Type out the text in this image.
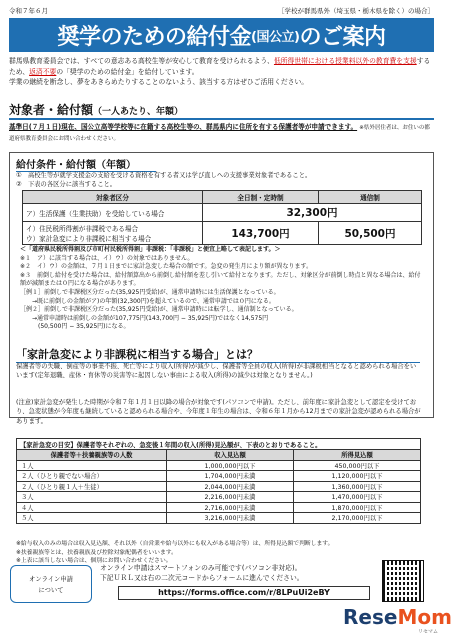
令和７年６月	［学校が群馬県外（埼玉県・栃木県を除く）の場合］
奨学のための給付金 (国公立) のご案内
群馬県教育委員会では、すべての意志ある高校生等が安心して教育を受けられるよう、低所得世帯における授業料以外の教育費を支援するため、返済不要の「奨学のための給付金」を給付しています。
学業の継続を断念し、夢をあきらめたりすることのないよう、該当する方はぜひご活用ください。
対象者・給付額（一人あたり、年額）
基準日(７月１日)現在、国公立高等学校等に在籍する高校生等の、群馬県内に住所を有する保護者等が申請できます。 ※県外居住者は、お住いの都道府県教育委員会にお問い合わせください。
給付条件・給付額（年額）
①　高校生等が就学支援金の支給を受ける資格を有する者又は学び直しへの支援事業対象者であること。
②　下表の各区分に該当すること。
対象者区分	全日制・定時制	通信制
ア）生活保護（生業扶助）を受給している場合	32,300円	

イ）住民税所得割が非課税である場合
ウ）家計急変により非課税に相当する場合	143,700円	50,500円
＜「道府県民税所得割及び市町村民税所得割」非課税：「非課税」と便宜上略して表記します。＞
※１　ア）に該当する場合は、イ）ウ）の対象ではありません。
※２　イ）ウ）の金額は、７月１日までに家計急変した場合の額です。急変の発生月により額が異なります。
※３　前倒し給付を受けた場合は、給付額算出から前倒し給付額を差し引いて給付となります。ただし、対象区分が前倒し時点と異なる場合は、給付額が減額または０円になる場合があります。
［例１］前倒しで非課税区分だった(35,925円受給)が、通常申請時には生活保護となっている。
　　→既に前倒しの金額がア)の年額(32,300円)を超えているので、通常申請では０円になる。
［例２］前倒しで非課税区分だった(35,925円受給)が、通常申請時には転学し、通信制となっている。
　　→通常申請時は前倒しの金額が107,775円(143,700円 − 35,925円)ではなく14,575円
　　　(50,500円 − 35,925円)になる。
「家計急変により非課税に相当する場合」とは？
保護者等の失職、倒産等の事業不振、死亡等により収入(所得)が減少し、保護者等全員の収入(所得)が非課税相当となると認められる場合をいいます(定年退職、産休・育休等の災害等に起因しない事由による収入(所得)の減少は対象となりません。)
(注意)家計急変が発生した時期が令和７年１月１日以降の場合が対象です(パソコンで申請)。ただし、前年度に家計急変として認定を受けており、急変状態が今年度も継続していると認められる場合や、今年度１年生の場合は、令和６年１月から12月までの家計急変が認められる場合があります。
【家計急変の目安】保護者等それぞれの、急変後１年間の収入(所得)見込額が、下表のとおりであること。
保護者等＋扶養親族等の人数	収入見込額	所得見込額
１人	1,000,000円以下	450,000円以下
２人（ひとり親でない場合）	1,704,000円未満	1,120,000円以下
２人（ひとり親１人＋生徒）	2,044,000円未満	1,360,000円以下
３人	2,216,000円未満	1,470,000円以下
４人	2,716,000円未満	1,870,000円以下
５人	3,216,000円未満	2,170,000円以下
※給与収入のみの場合は収入見込額、それ以外（自営業や給与以外にも収入がある場合等）は、所得見込額で判断します。
※扶養親族等とは、扶養親族及び控除対象配偶者をいいます。
※上表に該当しない場合は、個別にお問い合わせください。
オンライン申請
について
オンライン申請はスマートフォンのみ可能です(パソコン非対応)。
下記ＵＲＬ又は右の二次元コードからフォームに進んでください。
https://forms.office.com/r/8LPuUi2eBY
ReseMom
リセマム
